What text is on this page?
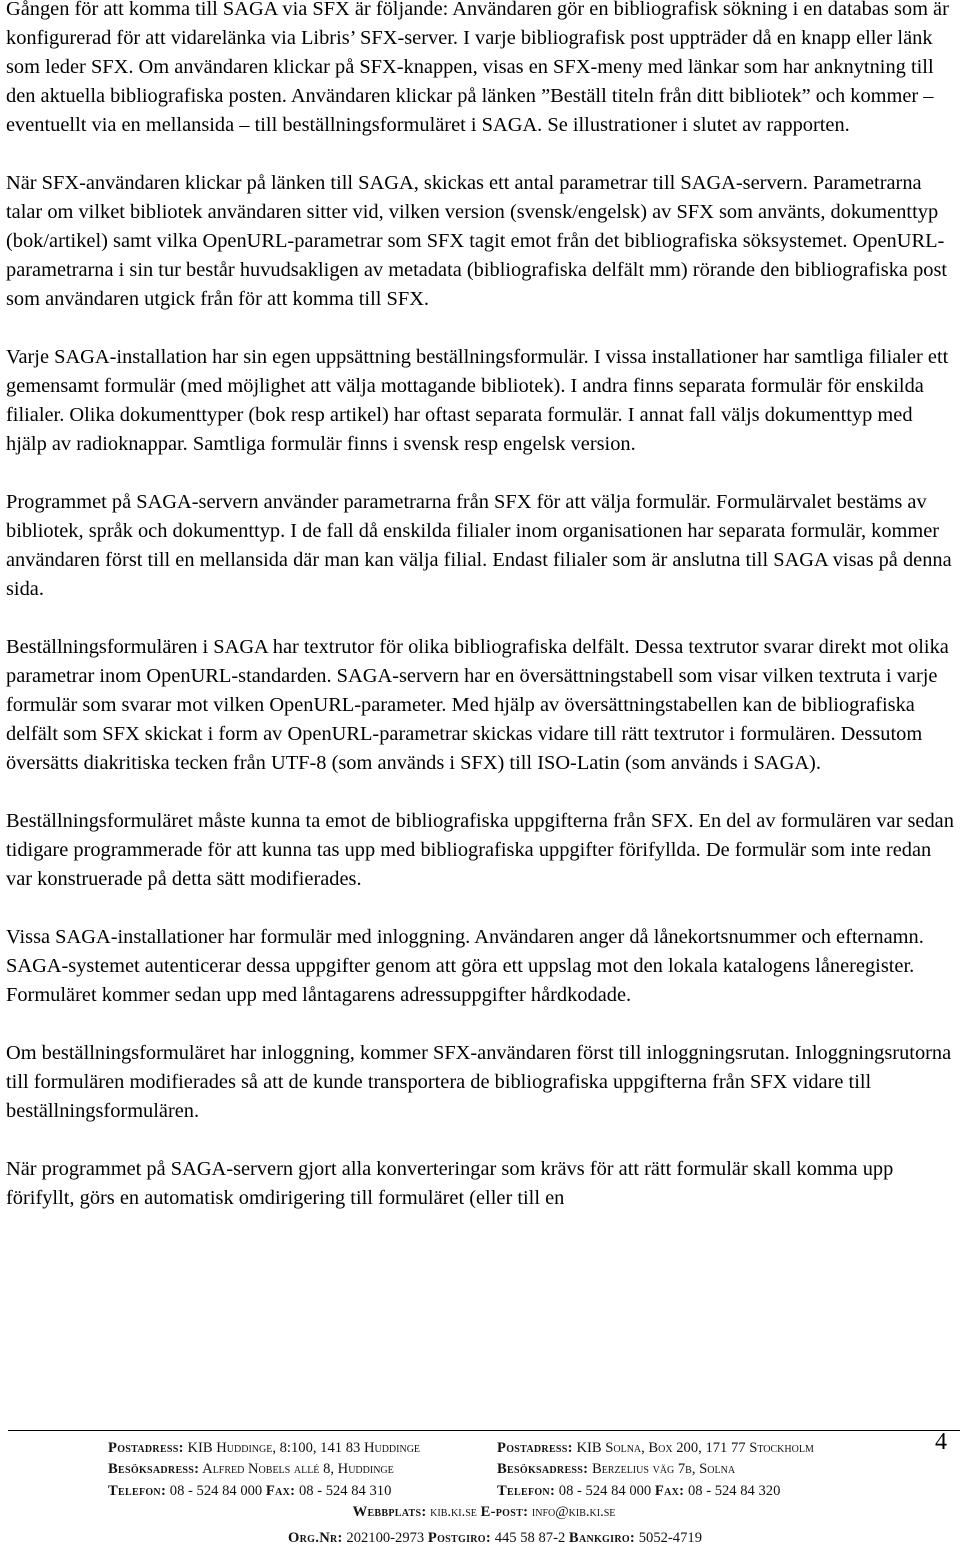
Gången för att komma till SAGA via SFX är följande: Användaren gör en bibliografisk sökning i en databas som är konfigurerad för att vidarelänka via Libris’ SFX-server. I varje bibliografisk post uppträder då en knapp eller länk som leder SFX. Om användaren klickar på SFX-knappen, visas en SFX-meny med länkar som har anknytning till den aktuella bibliografiska posten. Användaren klickar på länken ”Beställ titeln från ditt bibliotek” och kommer – eventuellt via en mellansida – till beställningsformuläret i SAGA. Se illustrationer i slutet av rapporten.

När SFX-användaren klickar på länken till SAGA, skickas ett antal parametrar till SAGA-servern. Parametrarna talar om vilket bibliotek användaren sitter vid, vilken version (svensk/engelsk) av SFX som använts, dokumenttyp (bok/artikel) samt vilka OpenURL-parametrar som SFX tagit emot från det bibliografiska söksystemet. OpenURL-parametrarna i sin tur består huvudsakligen av metadata (bibliografiska delfält mm) rörande den bibliografiska post som användaren utgick från för att komma till SFX.

Varje SAGA-installation har sin egen uppsättning beställningsformulär. I vissa installationer har samtliga filialer ett gemensamt formulär (med möjlighet att välja mottagande bibliotek). I andra finns separata formulär för enskilda filialer. Olika dokumenttyper (bok resp artikel) har oftast separata formulär. I annat fall väljs dokumenttyp med hjälp av radioknappar. Samtliga formulär finns i svensk resp engelsk version.

Programmet på SAGA-servern använder parametrarna från SFX för att välja formulär. Formulärvalet bestäms av bibliotek, språk och dokumenttyp. I de fall då enskilda filialer inom organisationen har separata formulär, kommer användaren först till en mellansida där man kan välja filial. Endast filialer som är anslutna till SAGA visas på denna sida.

Beställningsformulären i SAGA har textrutor för olika bibliografiska delfält. Dessa textrutor svarar direkt mot olika parametrar inom OpenURL-standarden. SAGA-servern har en översättningstabell som visar vilken textruta i varje formulär som svarar mot vilken OpenURL-parameter. Med hjälp av översättningstabellen kan de bibliografiska delfält som SFX skickat i form av OpenURL-parametrar skickas vidare till rätt textrutor i formulären. Dessutom översätts diakritiska tecken från UTF-8 (som används i SFX) till ISO-Latin (som används i SAGA).

Beställningsformuläret måste kunna ta emot de bibliografiska uppgifterna från SFX. En del av formulären var sedan tidigare programmerade för att kunna tas upp med bibliografiska uppgifter förifyllda. De formulär som inte redan var konstruerade på detta sätt modifierades.

Vissa SAGA-installationer har formulär med inloggning. Användaren anger då lånekortsnummer och efternamn. SAGA-systemet autenticerar dessa uppgifter genom att göra ett uppslag mot den lokala katalogens låneregister. Formuläret kommer sedan upp med låntagarens adressuppgifter hårdkodade.

Om beställningsformuläret har inloggning, kommer SFX-användaren först till inloggningsrutan. Inloggningsrutorna till formulären modifierades så att de kunde transportera de bibliografiska uppgifterna från SFX vidare till beställningsformulären.

När programmet på SAGA-servern gjort alla konverteringar som krävs för att rätt formulär skall komma upp förifyllt, görs en automatisk omdirigering till formuläret (eller till en

Postadress: KIB Huddinge, 8:100, 141 83 Huddinge
Besöksadress: Alfred Nobels allé 8, Huddinge
Telefon: 08 - 524 84 000 Fax: 08 - 524 84 310
Postadress: KIB Solna, Box 200, 171 77 Stockholm
Besöksadress: Berzelius väg 7b, Solna
Telefon: 08 - 524 84 000 Fax: 08 - 524 84 320
Webbplats: kib.ki.se E-post: info@kib.ki.se
Org.Nr: 202100-2973 Postgiro: 445 58 87-2 Bankgiro: 5052-4719
4
